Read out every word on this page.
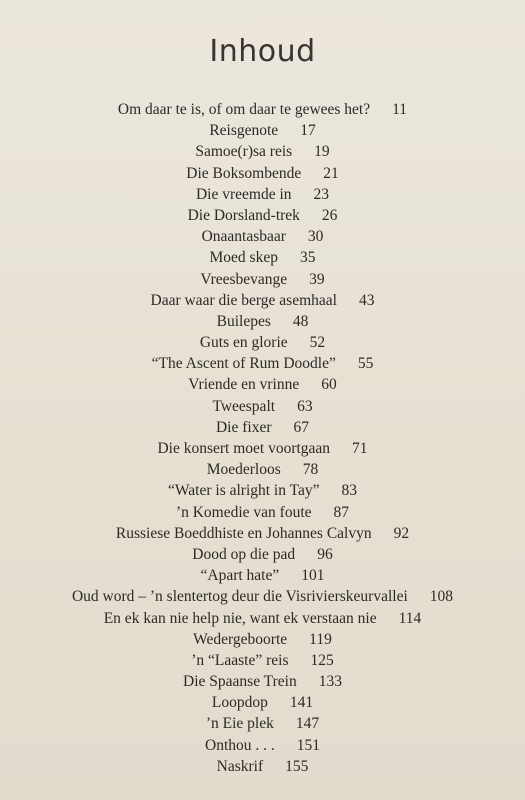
Inhoud
Om daar te is, of om daar te gewees het? 11
Reisgenote 17
Samoe(r)sa reis 19
Die Boksombende 21
Die vreemde in 23
Die Dorsland-trek 26
Onaantasbaar 30
Moed skep 35
Vreesbevange 39
Daar waar die berge asemhaal 43
Builepes 48
Guts en glorie 52
“The Ascent of Rum Doodle” 55
Vriende en vrinne 60
Tweespalt 63
Die fixer 67
Die konsert moet voortgaan 71
Moederloos 78
“Water is alright in Tay” 83
’n Komedie van foute 87
Russiese Boeddhiste en Johannes Calvyn 92
Dood op die pad 96
“Apart hate” 101
Oud word – ’n slentertog deur die Visrivierskeurvallei 108
En ek kan nie help nie, want ek verstaan nie 114
Wedergeboorte 119
’n “Laaste” reis 125
Die Spaanse Trein 133
Loopdop 141
’n Eie plek 147
Onthou . . . 151
Naskrif 155
